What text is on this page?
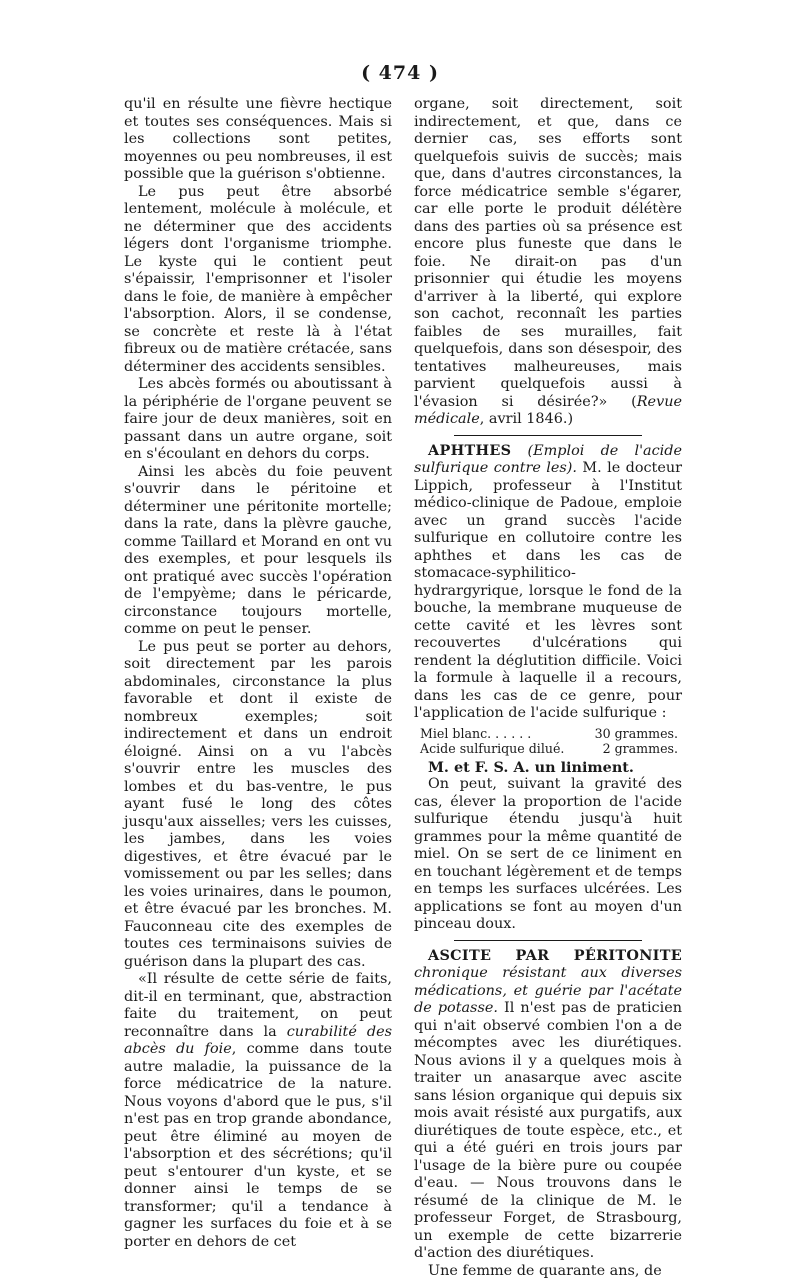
( 474 )

qu'il en résulte une fièvre hectique et toutes ses conséquences. Mais si les collections sont petites, moyennes ou peu nombreuses, il est possible que la guérison s'obtienne.

Le pus peut être absorbé lentement, molécule à molécule, et ne déterminer que des accidents légers dont l'organisme triomphe. Le kyste qui le contient peut s'épaissir, l'emprisonner et l'isoler dans le foie, de manière à empêcher l'absorption. Alors, il se condense, se concrète et reste là à l'état fibreux ou de matière crétacée, sans déterminer des accidents sensibles.

Les abcès formés ou aboutissant à la périphérie de l'organe peuvent se faire jour de deux manières, soit en passant dans un autre organe, soit en s'écoulant en dehors du corps.

Ainsi les abcès du foie peuvent s'ouvrir dans le péritoine et déterminer une péritonite mortelle; dans la rate, dans la plèvre gauche, comme Taillard et Morand en ont vu des exemples, et pour lesquels ils ont pratiqué avec succès l'opération de l'empyème; dans le péricarde, circonstance toujours mortelle, comme on peut le penser.

Le pus peut se porter au dehors, soit directement par les parois abdominales, circonstance la plus favorable et dont il existe de nombreux exemples; soit indirectement et dans un endroit éloigné. Ainsi on a vu l'abcès s'ouvrir entre les muscles des lombes et du bas-ventre, le pus ayant fusé le long des côtes jusqu'aux aisselles; vers les cuisses, les jambes, dans les voies digestives, et être évacué par le vomissement ou par les selles; dans les voies urinaires, dans le poumon, et être évacué par les bronches. M. Fauconneau cite des exemples de toutes ces terminaisons suivies de guérison dans la plupart des cas.

«Il résulte de cette série de faits, dit-il en terminant, que, abstraction faite du traitement, on peut reconnaître dans la curabilité des abcès du foie, comme dans toute autre maladie, la puissance de la force médicatrice de la nature. Nous voyons d'abord que le pus, s'il n'est pas en trop grande abondance, peut être éliminé au moyen de l'absorption et des sécrétions; qu'il peut s'entourer d'un kyste, et se donner ainsi le temps de se transformer; qu'il a tendance à gagner les surfaces du foie et à se porter en dehors de cet

organe, soit directement, soit indirectement, et que, dans ce dernier cas, ses efforts sont quelquefois suivis de succès; mais que, dans d'autres circonstances, la force médicatrice semble s'égarer, car elle porte le produit délétère dans des parties où sa présence est encore plus funeste que dans le foie. Ne dirait-on pas d'un prisonnier qui étudie les moyens d'arriver à la liberté, qui explore son cachot, reconnaît les parties faibles de ses murailles, fait quelquefois, dans son désespoir, des tentatives malheureuses, mais parvient quelquefois aussi à l'évasion si désirée?» (Revue médicale, avril 1846.)

APHTHES (Emploi de l'acide sulfurique contre les). M. le docteur Lippich, professeur à l'Institut médico-clinique de Padoue, emploie avec un grand succès l'acide sulfurique en collutoire contre les aphthes et dans les cas de stomacace-syphilitico-hydrargyrique, lorsque le fond de la bouche, la membrane muqueuse de cette cavité et les lèvres sont recouvertes d'ulcérations qui rendent la déglutition difficile. Voici la formule à laquelle il a recours, dans les cas de ce genre, pour l'application de l'acide sulfurique :

Miel blanc. . . . . .	30 grammes.
Acide sulfurique dilué.	2 grammes.
M. et F. S. A. un liniment.

On peut, suivant la gravité des cas, élever la proportion de l'acide sulfurique étendu jusqu'à huit grammes pour la même quantité de miel. On se sert de ce liniment en en touchant légèrement et de temps en temps les surfaces ulcérées. Les applications se font au moyen d'un pinceau doux.

ASCITE PAR PÉRITONITE chronique résistant aux diverses médications, et guérie par l'acétate de potasse. Il n'est pas de praticien qui n'ait observé combien l'on a de mécomptes avec les diurétiques. Nous avions il y a quelques mois à traiter un anasarque avec ascite sans lésion organique qui depuis six mois avait résisté aux purgatifs, aux diurétiques de toute espèce, etc., et qui a été guéri en trois jours par l'usage de la bière pure ou coupée d'eau. — Nous trouvons dans le résumé de la clinique de M. le professeur Forget, de Strasbourg, un exemple de cette bizarrerie d'action des diurétiques.

Une femme de quarante ans, de
